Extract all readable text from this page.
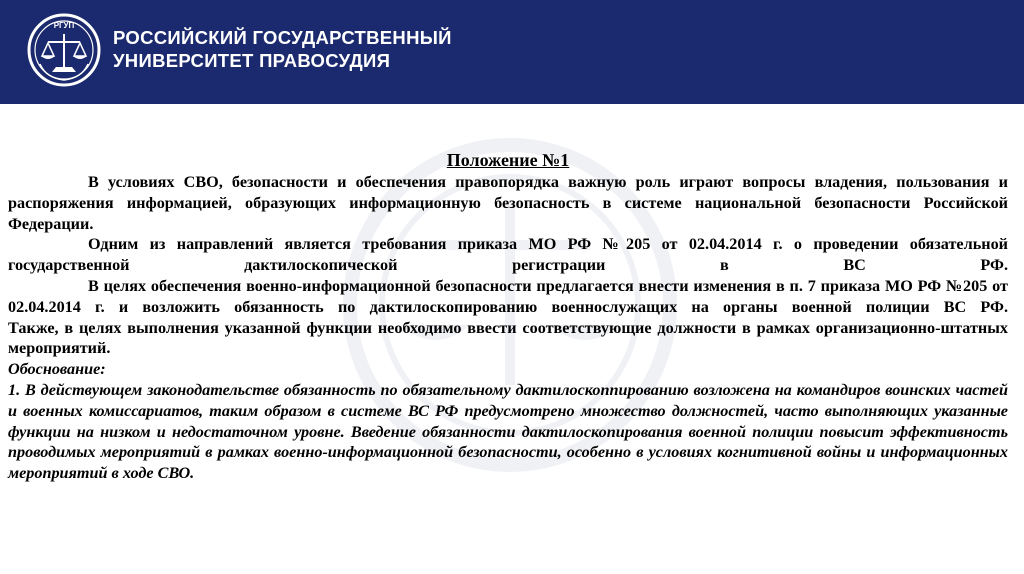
РГУП
РОССИЙСКИЙ ГОСУДАРСТВЕННЫЙ
УНИВЕРСИТЕТ ПРАВОСУДИЯ
Положение №1
В условиях СВО, безопасности и обеспечения правопорядка важную роль играют вопросы владения, пользования и распоряжения информацией, образующих информационную безопасность в системе национальной безопасности Российской Федерации.
Одним из направлений является требования приказа МО РФ №205 от 02.04.2014 г. о проведении обязательной государственной дактилоскопической регистрации в ВС РФ.
В целях обеспечения военно-информационной безопасности предлагается внести изменения в п. 7 приказа МО РФ №205 от 02.04.2014 г. и возложить обязанность по дактилоскопированию военнослужащих на органы военной полиции ВС РФ.
Также, в целях выполнения указанной функции необходимо ввести соответствующие должности в рамках организационно-штатных мероприятий.
Обоснование:
1. В действующем законодательстве обязанность по обязательному дактилоскоппированию возложена на командиров воинских частей и военных комиссариатов, таким образом в системе ВС РФ предусмотрено множество должностей, часто выполняющих указанные функции на низком и недостаточном уровне. Введение обязанности дактилоскопирования военной полиции повысит эффективность проводимых мероприятий в рамках военно-информационной безопасности, особенно в условиях когнитивной войны и информационных мероприятий в ходе СВО.
